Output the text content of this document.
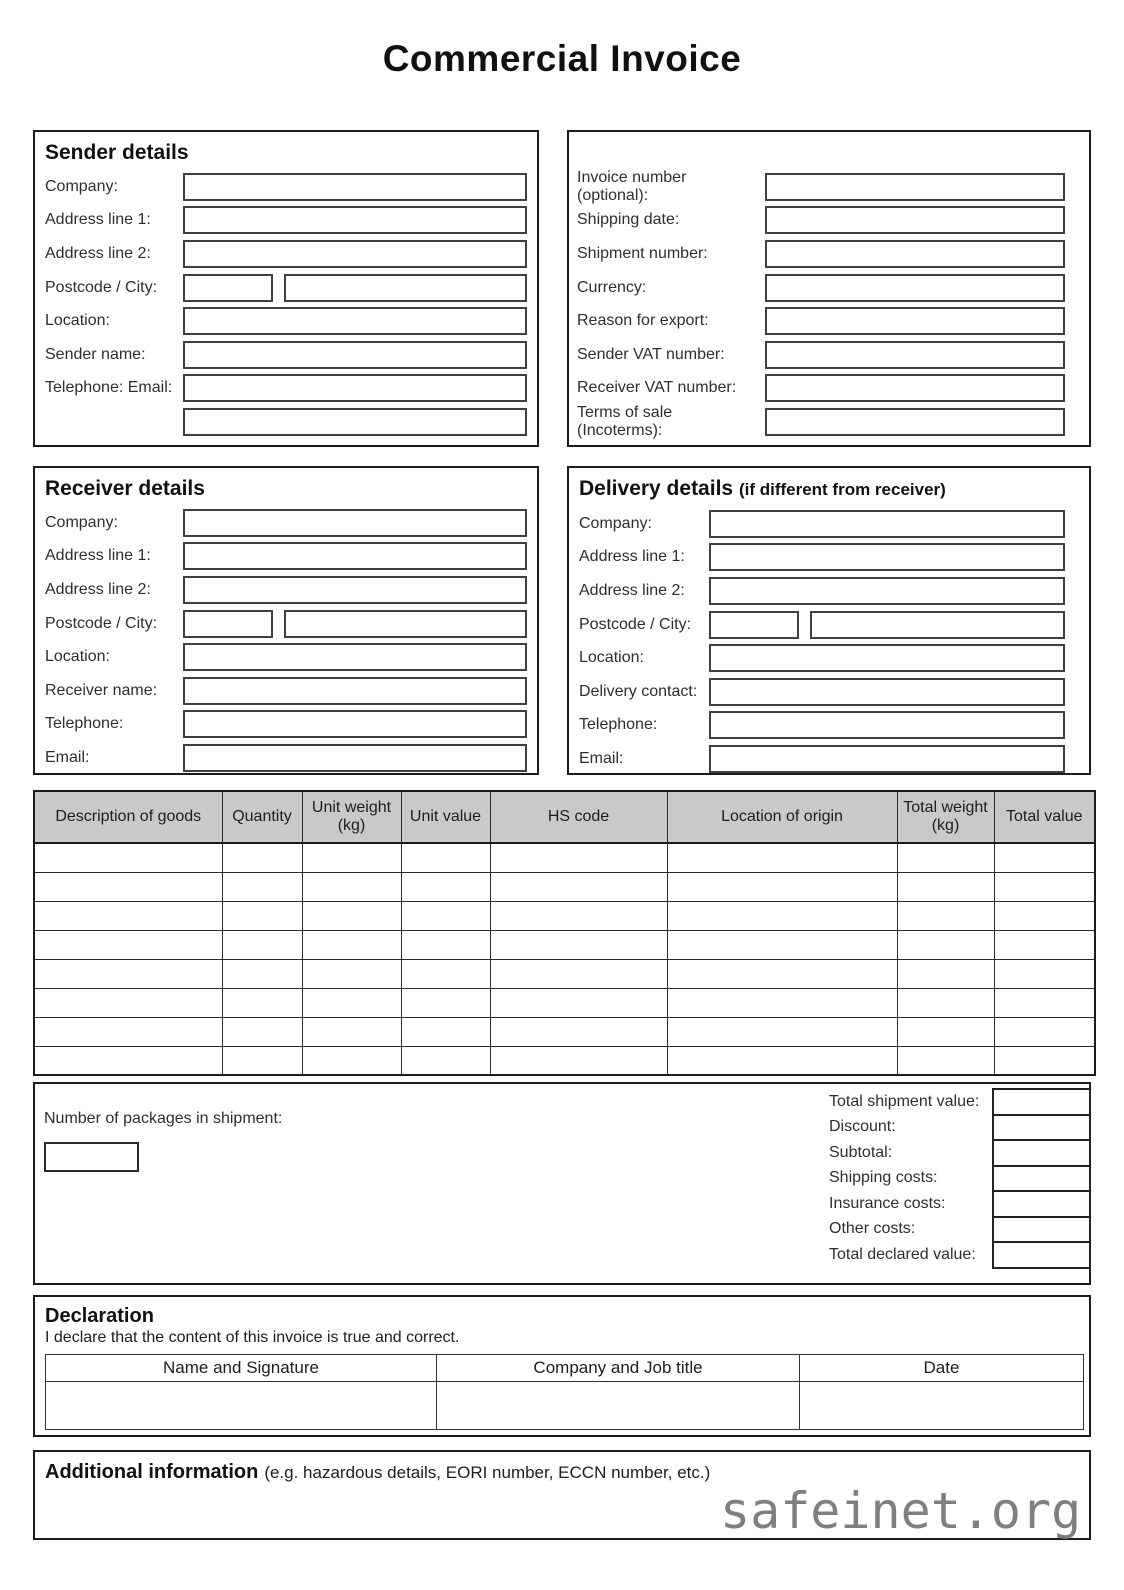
Commercial Invoice
Sender details
Company:
Address line 1:
Address line 2:
Postcode / City:
Location:
Sender name:
Telephone: Email:
Invoice number (optional):
Shipping date:
Shipment number:
Currency:
Reason for export:
Sender VAT number:
Receiver VAT number:
Terms of sale (Incoterms):
Receiver details
Company:
Address line 1:
Address line 2:
Postcode / City:
Location:
Receiver name:
Telephone:
Email:
Delivery details (if different from receiver)
Company:
Address line 1:
Address line 2:
Postcode / City:
Location:
Delivery contact:
Telephone:
Email:
Description of goods	Quantity	Unit weight (kg)	Unit value	HS code	Location of origin	Total weight (kg)	Total value

Number of packages in shipment:
Total shipment value:	
Discount:	
Subtotal:	
Shipping costs:	
Insurance costs:	
Other costs:	
Total declared value:	
Declaration
I declare that the content of this invoice is true and correct.
Name and Signature	Company and Job title	Date

Additional information (e.g. hazardous details, EORI number, ECCN number, etc.)
safeinet.org
